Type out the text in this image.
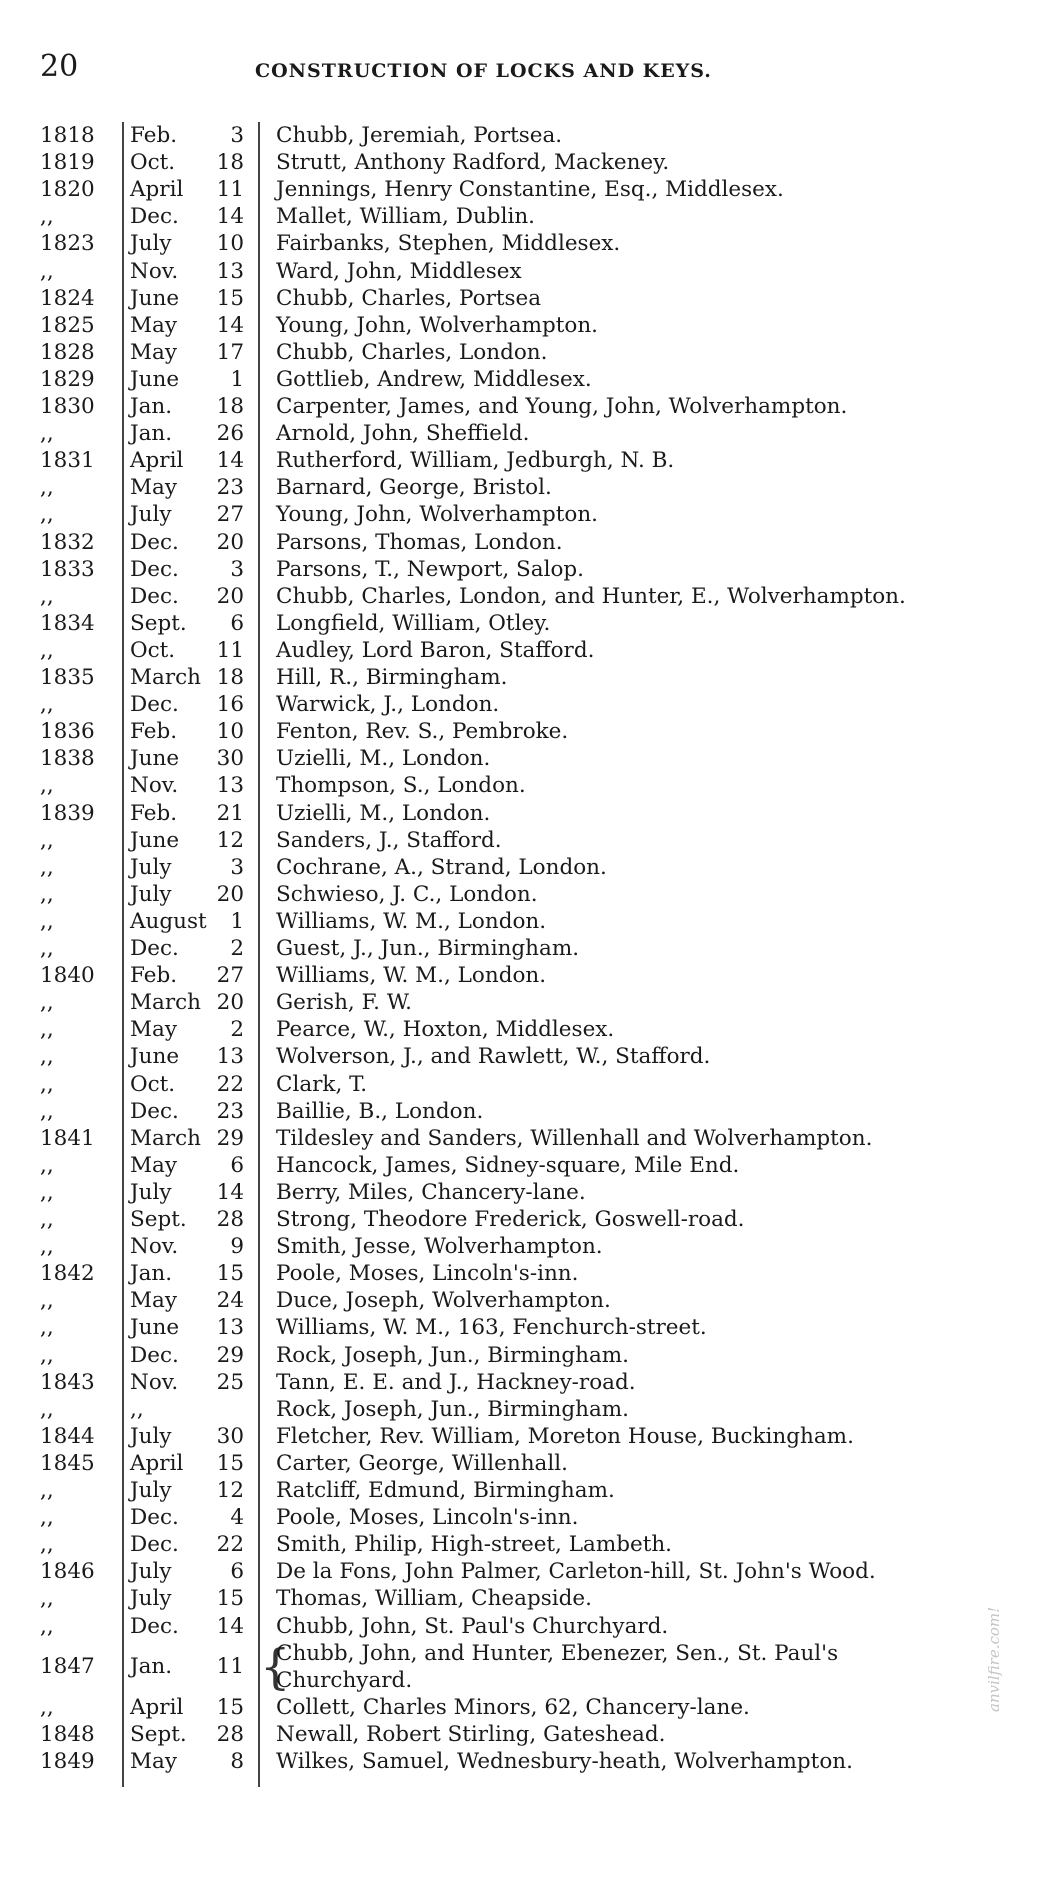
20	CONSTRUCTION OF LOCKS AND KEYS.
1818	Feb.	3 Chubb, Jeremiah, Portsea.
1819	Oct.	18 Strutt, Anthony Radford, Mackeney.
1820	April	11 Jennings, Henry Constantine, Esq., Middlesex.
,,	Dec.	14 Mallet, William, Dublin.
1823	July	10 Fairbanks, Stephen, Middlesex.
,,	Nov.	13 Ward, John, Middlesex
1824	June	15 Chubb, Charles, Portsea
1825	May	14 Young, John, Wolverhampton.
1828	May	17 Chubb, Charles, London.
1829	June	1 Gottlieb, Andrew, Middlesex.
1830	Jan.	18 Carpenter, James, and Young, John, Wolverhampton.
,,	Jan.	26 Arnold, John, Sheffield.
1831	April	14 Rutherford, William, Jedburgh, N. B.
,,	May	23 Barnard, George, Bristol.
,,	July	27 Young, John, Wolverhampton.
1832	Dec.	20 Parsons, Thomas, London.
1833	Dec.	3 Parsons, T., Newport, Salop.
,,	Dec.	20 Chubb, Charles, London, and Hunter, E., Wolverhampton.
1834	Sept.	6 Longfield, William, Otley.
,,	Oct.	11 Audley, Lord Baron, Stafford.
1835	March 18 Hill, R., Birmingham.
,,	Dec.	16 Warwick, J., London.
1836	Feb.	10 Fenton, Rev. S., Pembroke.
1838	June	30 Uzielli, M., London.
,,	Nov.	13 Thompson, S., London.
1839	Feb.	21 Uzielli, M., London.
,,	June	12 Sanders, J., Stafford.
,,	July	3 Cochrane, A., Strand, London.
,,	July	20 Schwieso, J. C., London.
,,	August	1 Williams, W. M., London.
,,	Dec.	2 Guest, J., Jun., Birmingham.
1840	Feb.	27 Williams, W. M., London.
,,	March 20 Gerish, F. W.
,,	May	2 Pearce, W., Hoxton, Middlesex.
,,	June	13 Wolverson, J., and Rawlett, W., Stafford.
,,	Oct.	22 Clark, T.
,,	Dec.	23 Baillie, B., London.
1841	March 29 Tildesley and Sanders, Willenhall and Wolverhampton.
,,	May	6 Hancock, James, Sidney-square, Mile End.
,,	July	14 Berry, Miles, Chancery-lane.
,,	Sept.	28 Strong, Theodore Frederick, Goswell-road.
,,	Nov.	9 Smith, Jesse, Wolverhampton.
1842	Jan.	15 Poole, Moses, Lincoln's-inn.
,,	May	24 Duce, Joseph, Wolverhampton.
,,	June	13 Williams, W. M., 163, Fenchurch-street.
,,	Dec.	29 Rock, Joseph, Jun., Birmingham.
1843	Nov.	25 Tann, E. E. and J., Hackney-road.
,,	,,	Rock, Joseph, Jun., Birmingham.
1844	July	30 Fletcher, Rev. William, Moreton House, Buckingham.
1845	April	15 Carter, George, Willenhall.
,,	July	12 Ratcliff, Edmund, Birmingham.
,,	Dec.	4 Poole, Moses, Lincoln's-inn.
,,	Dec.	22 Smith, Philip, High-street, Lambeth.
1846	July	6 De la Fons, John Palmer, Carleton-hill, St. John's Wood.
,,	July	15 Thomas, William, Cheapside.
,,	Dec.	14 Chubb, John, St. Paul's Churchyard.
1847	Jan.	11 {
Chubb, John, and Hunter, Ebenezer, Sen., St. Paul's Churchyard.
,,	April	15 Collett, Charles Minors, 62, Chancery-lane.
1848	Sept.	28 Newall, Robert Stirling, Gateshead.
1849	May	8 Wilkes, Samuel, Wednesbury-heath, Wolverhampton.
anvilfire.com!
